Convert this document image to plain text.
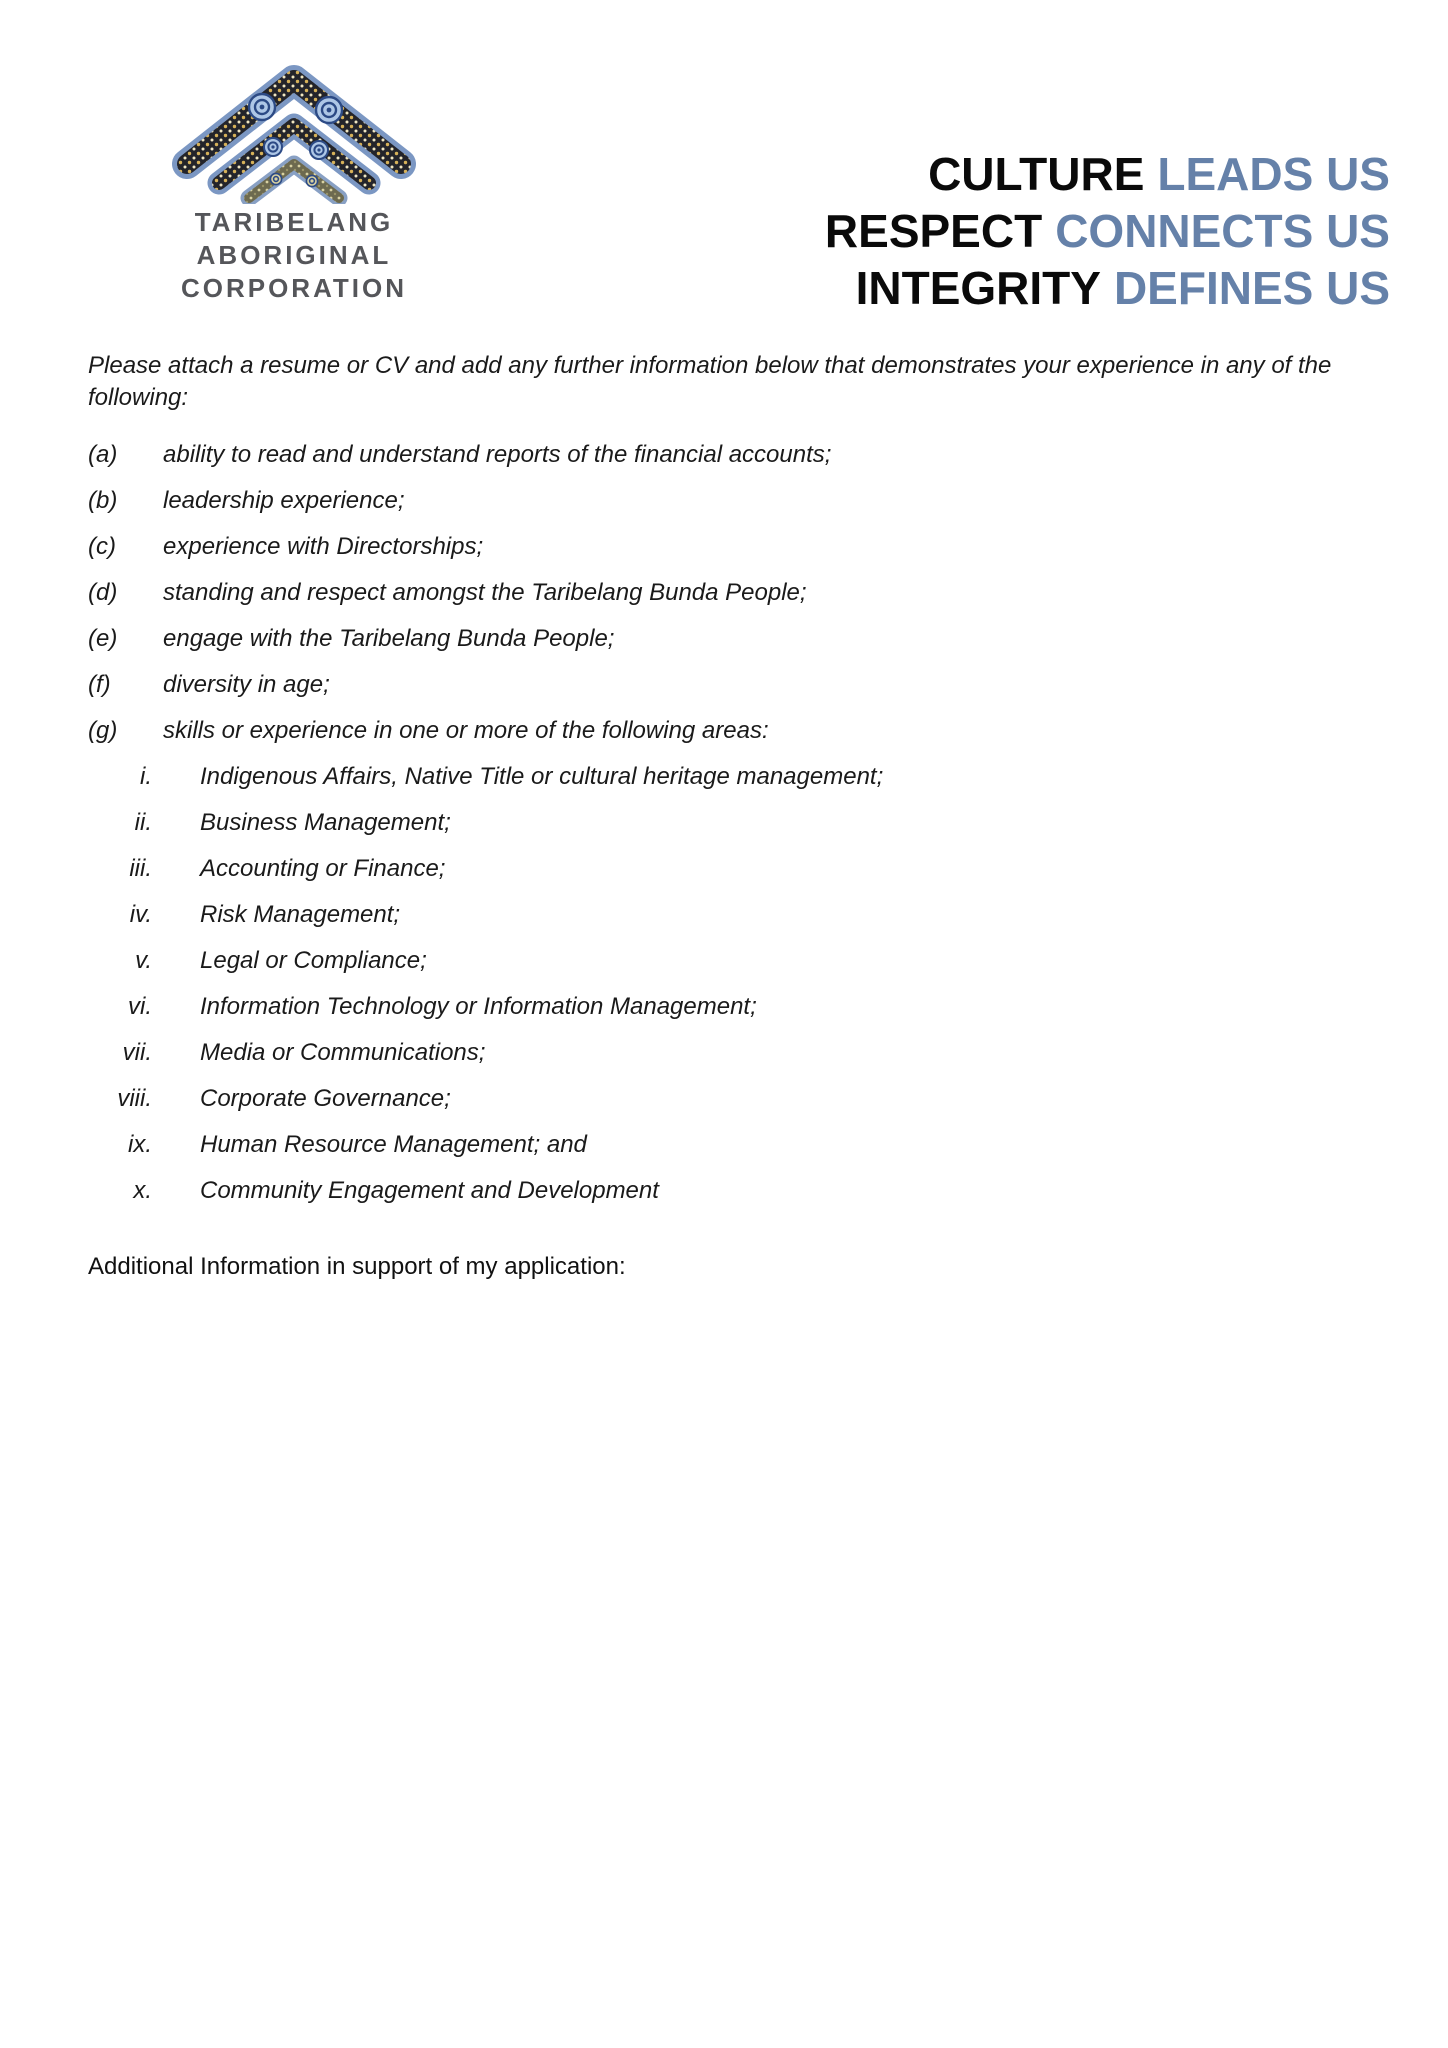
TARIBELANG
ABORIGINAL
CORPORATION
CULTURE LEADS US
RESPECT CONNECTS US
INTEGRITY DEFINES US

Please attach a resume or CV and add any further information below that demonstrates your experience in any of the following:

(a)	ability to read and understand reports of the financial accounts;
(b)	leadership experience;
(c)	experience with Directorships;
(d)	standing and respect amongst the Taribelang Bunda People;
(e)	engage with the Taribelang Bunda People;
(f)	diversity in age;
(g)	skills or experience in one or more of the following areas:
i. Indigenous Affairs, Native Title or cultural heritage management;
ii. Business Management;
iii. Accounting or Finance;
iv. Risk Management;
v. Legal or Compliance;
vi. Information Technology or Information Management;
vii. Media or Communications;
viii. Corporate Governance;
ix. Human Resource Management; and
x. Community Engagement and Development
Additional Information in support of my application:
